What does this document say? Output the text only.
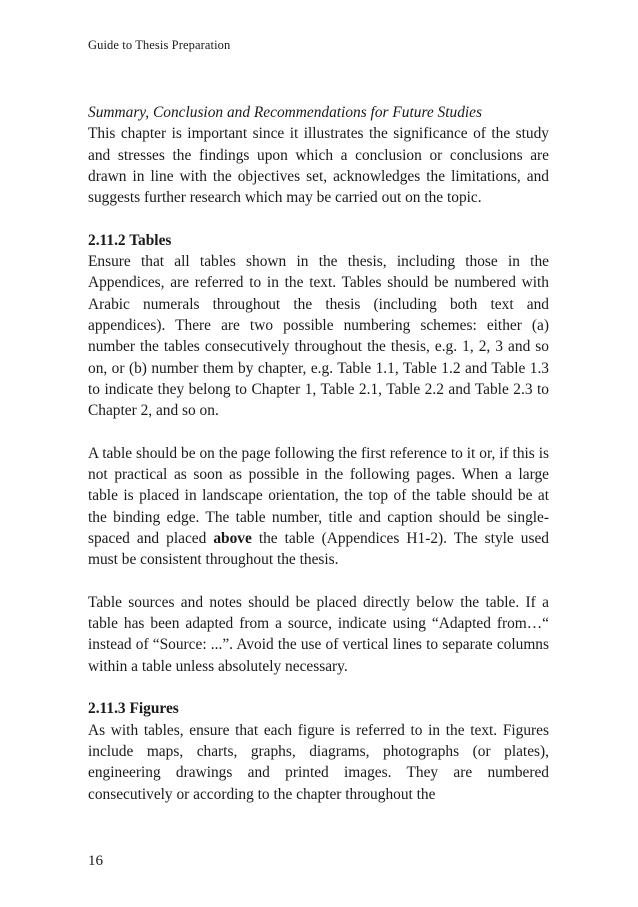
Guide to Thesis Preparation

Summary, Conclusion and Recommendations for Future Studies

This chapter is important since it illustrates the significance of the study and stresses the findings upon which a conclusion or conclusions are drawn in line with the objectives set, acknowledges the limitations, and suggests further research which may be carried out on the topic.

2.11.2 Tables

Ensure that all tables shown in the thesis, including those in the Appendices, are referred to in the text. Tables should be numbered with Arabic numerals throughout the thesis (including both text and appendices). There are two possible numbering schemes: either (a) number the tables consecutively throughout the thesis, e.g. 1, 2, 3 and so on, or (b) number them by chapter, e.g. Table 1.1, Table 1.2 and Table 1.3 to indicate they belong to Chapter 1, Table 2.1, Table 2.2 and Table 2.3 to Chapter 2, and so on.

A table should be on the page following the first reference to it or, if this is not practical as soon as possible in the following pages. When a large table is placed in landscape orientation, the top of the table should be at the binding edge. The table number, title and caption should be single-spaced and placed above the table (Appendices H1-2). The style used must be consistent throughout the thesis.

Table sources and notes should be placed directly below the table. If a table has been adapted from a source, indicate using “Adapted from…“ instead of “Source: ...”. Avoid the use of vertical lines to separate columns within a table unless absolutely necessary.

2.11.3 Figures

As with tables, ensure that each figure is referred to in the text. Figures include maps, charts, graphs, diagrams, photographs (or plates), engineering drawings and printed images. They are numbered consecutively or according to the chapter throughout the

16
